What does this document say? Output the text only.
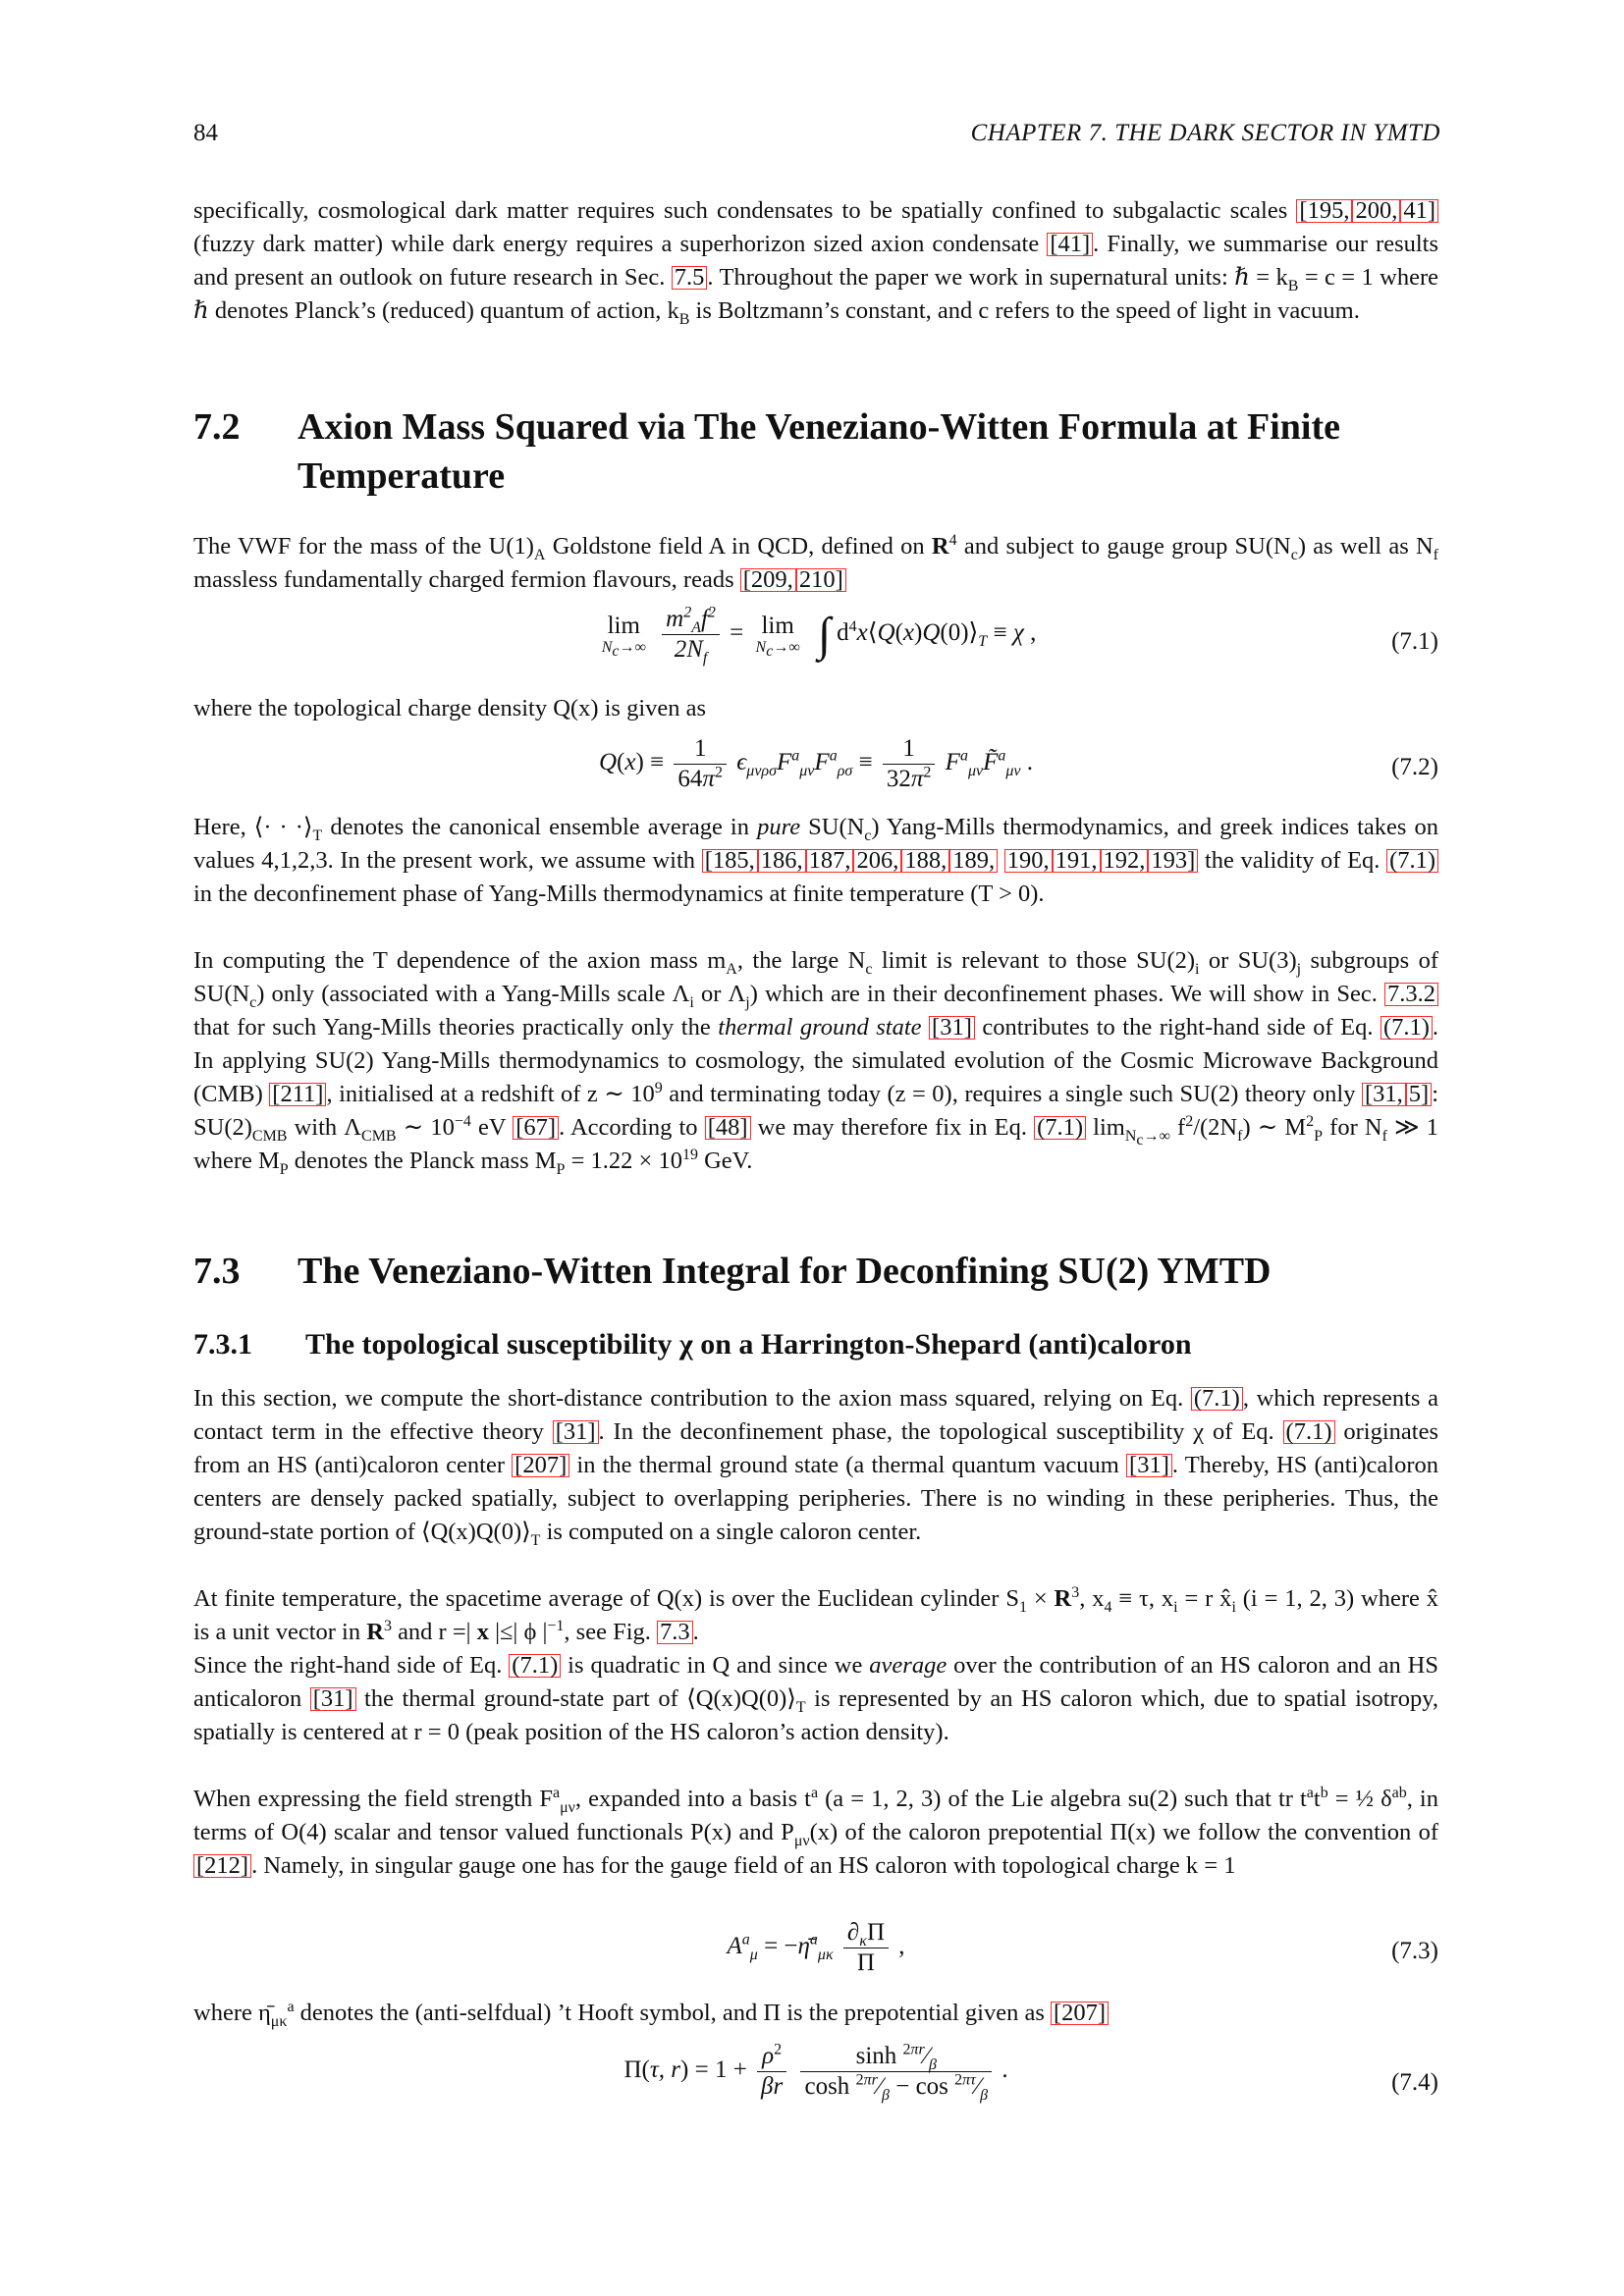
84	CHAPTER 7. THE DARK SECTOR IN YMTD

specifically, cosmological dark matter requires such condensates to be spatially confined to subgalactic scales [195, 200, 41] (fuzzy dark matter) while dark energy requires a superhorizon sized axion condensate [41] . Finally, we summarise our results and present an outlook on future research in Sec. 7.5 . Throughout the paper we work in supernatural units: ℏ = $k_B = c = 1$ where ℏ denotes Planck’s (reduced) quantum of action, $k_B$ is Boltzmann’s constant, and c refers to the speed of light in vacuum.

7.2	Axion Mass Squared via The Veneziano-Witten Formula at Finite Temperature

The VWF for the mass of the $U(1)_A$ Goldstone field A in QCD, defined on $R^4$ and subject to gauge group $SU(N_c)$ as well as $N_f$ massless fundamentally charged fermion flavours, reads [209, 210]

lim
$N_c\to\infty$
$\frac{m^2_Af^2}{2N_f} = \lim$
$N_c\to\infty$ ∫ $d^4x⟨Q(x)Q(0)⟩_T \equiv \chi$ ,	(7.1)

where the topological charge density Q(x) is given as

$Q(x) \equiv \frac{1}{64\pi^2} \epsilon_{\mu\nu\rho\sigma}F^a_{\mu\nu}F^a_{\rho\sigma} \equiv \frac{1}{32\pi^2}$ $F^a_{\mu\nu}F̃^a_{\mu\nu}$ .	(7.2)

Here, ⟨· · $\cdot⟩_T$ denotes the canonical ensemble average in pure $SU(N_c)$ Yang-Mills thermodynamics, and greek indices takes on values 4,1,2,3. In the present work, we assume with [185, 186, 187, 206, 188, 189, 190, 191, 192, 193] the validity of Eq. (7.1) in the deconfinement phase of Yang-Mills thermodynamics at finite temperature (T > 0).

In computing the T dependence of the axion mass $m_A$, the large $N_c$ limit is relevant to those $SU(2)_i$ or $SU(3)_j$ subgroups of $SU(N_c)$ only (associated with a Yang-Mills scale $\Lambda_i$ or $\Lambda_j$) which are in their deconfinement phases. We will show in Sec. 7.3.2 that for such Yang-Mills theories practically only the thermal ground state [31] contributes to the right-hand side of Eq. (7.1) . In applying SU(2) Yang-Mills thermodynamics to cosmology, the simulated evolution of the Cosmic Microwave Background (CMB) [211] , initialised at a redshift of z ∼ $10^9$ and terminating today (z = 0), requires a single such SU(2) theory only [31, 5] : $SU(2)_{CMB}$ with $\Lambda_{CMB}$ ∼ $10^{-4}$ eV [67] . According to [48] we may therefore fix in Eq. (7.1) $\lim_{N_c\to\infty} f^2/(2N_f)$ ∼ $M^2_P$ for $N_f$ ≫ 1 where $M_P$ denotes the Planck mass $M_P = 1.22 \times 10^{19}$ GeV.

7.3	The Veneziano-Witten Integral for Deconfining SU(2) YMTD
7.3.1	The topological susceptibility χ on a Harrington-Shepard (anti)caloron

In this section, we compute the short-distance contribution to the axion mass squared, relying on Eq. (7.1) , which represents a contact term in the effective theory [31] . In the deconfinement phase, the topological susceptibility χ of Eq. (7.1) originates from an HS (anti)caloron center [207] in the thermal ground state (a thermal quantum vacuum [31] . Thereby, HS (anti)caloron centers are densely packed spatially, subject to overlapping peripheries. There is no winding in these peripheries. Thus, the ground-state portion of $⟨Q(x)Q(0)⟩_T$ is computed on a single caloron center.

At finite temperature, the spacetime average of Q(x) is over the Euclidean cylinder $S_1 \times R^3$, $x_4 \equiv \tau$, $x_i = r$ $x̂_i$ (i = 1, 2, 3) where x̂ is a unit vector in $R^3$ and r =| x |≤| ϕ $|^{-1}$, see Fig. 7.3 .

Since the right-hand side of Eq. (7.1) is quadratic in Q and since we average over the contribution of an HS caloron and an HS anticaloron [31] the thermal ground-state part of $⟨Q(x)Q(0)⟩_T$ is represented by an HS caloron which, due to spatial isotropy, spatially is centered at r = 0 (peak position of the HS caloron’s action density).

When expressing the field strength $F^a_{\mu\nu}$, expanded into a basis $t^a$ (a = 1, 2, 3) of the Lie algebra su(2) such that tr $t^at^b$ = ½ $\delta^{ab}$, in terms of O(4) scalar and tensor valued functionals P(x) and $P_{\mu\nu}(x)$ of the caloron prepotential Π(x) we follow the convention of [212] . Namely, in singular gauge one has for the gauge field of an HS caloron with topological charge k = 1

$A^a_\mu$ = −η̄$^a_{\mu\kappa}$ $\frac{\partial_\kappa\Pi}{\Pi}$ ,	(7.3)

where $\etā_{\mu\kappa}^a$ denotes the (anti-selfdual) ’t Hooft symbol, and Π is the prepotential given as [207]

Π(τ, $r) = 1 + \frac{\rho^2}{\beta r}$
$\frac{\sinh ^{2\pi r}⁄_\beta}{\cosh ^{2\pi r}⁄_\beta - \cos ^{2\pi\tau}⁄_\beta}$ .	(7.4)
